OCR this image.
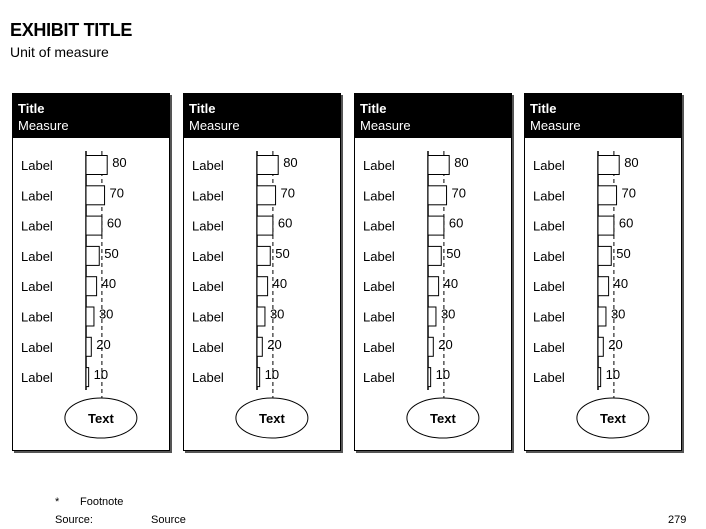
EXHIBIT TITLE
Unit of measure
Title
Measure
Label	80
Label	70
Label	60
Label	50
Label	40
Label	30
Label	20
Label	10
Text
Title
Measure
Label	80
Label	70
Label	60
Label	50
Label	40
Label	30
Label	20
Label	10
Text
Title
Measure
Label	80
Label	70
Label	60
Label	50
Label	40
Label	30
Label	20
Label	10
Text
Title
Measure
Label	80
Label	70
Label	60
Label	50
Label	40
Label	30
Label	20
Label	10
Text
* Footnote
Source:	Source	279
